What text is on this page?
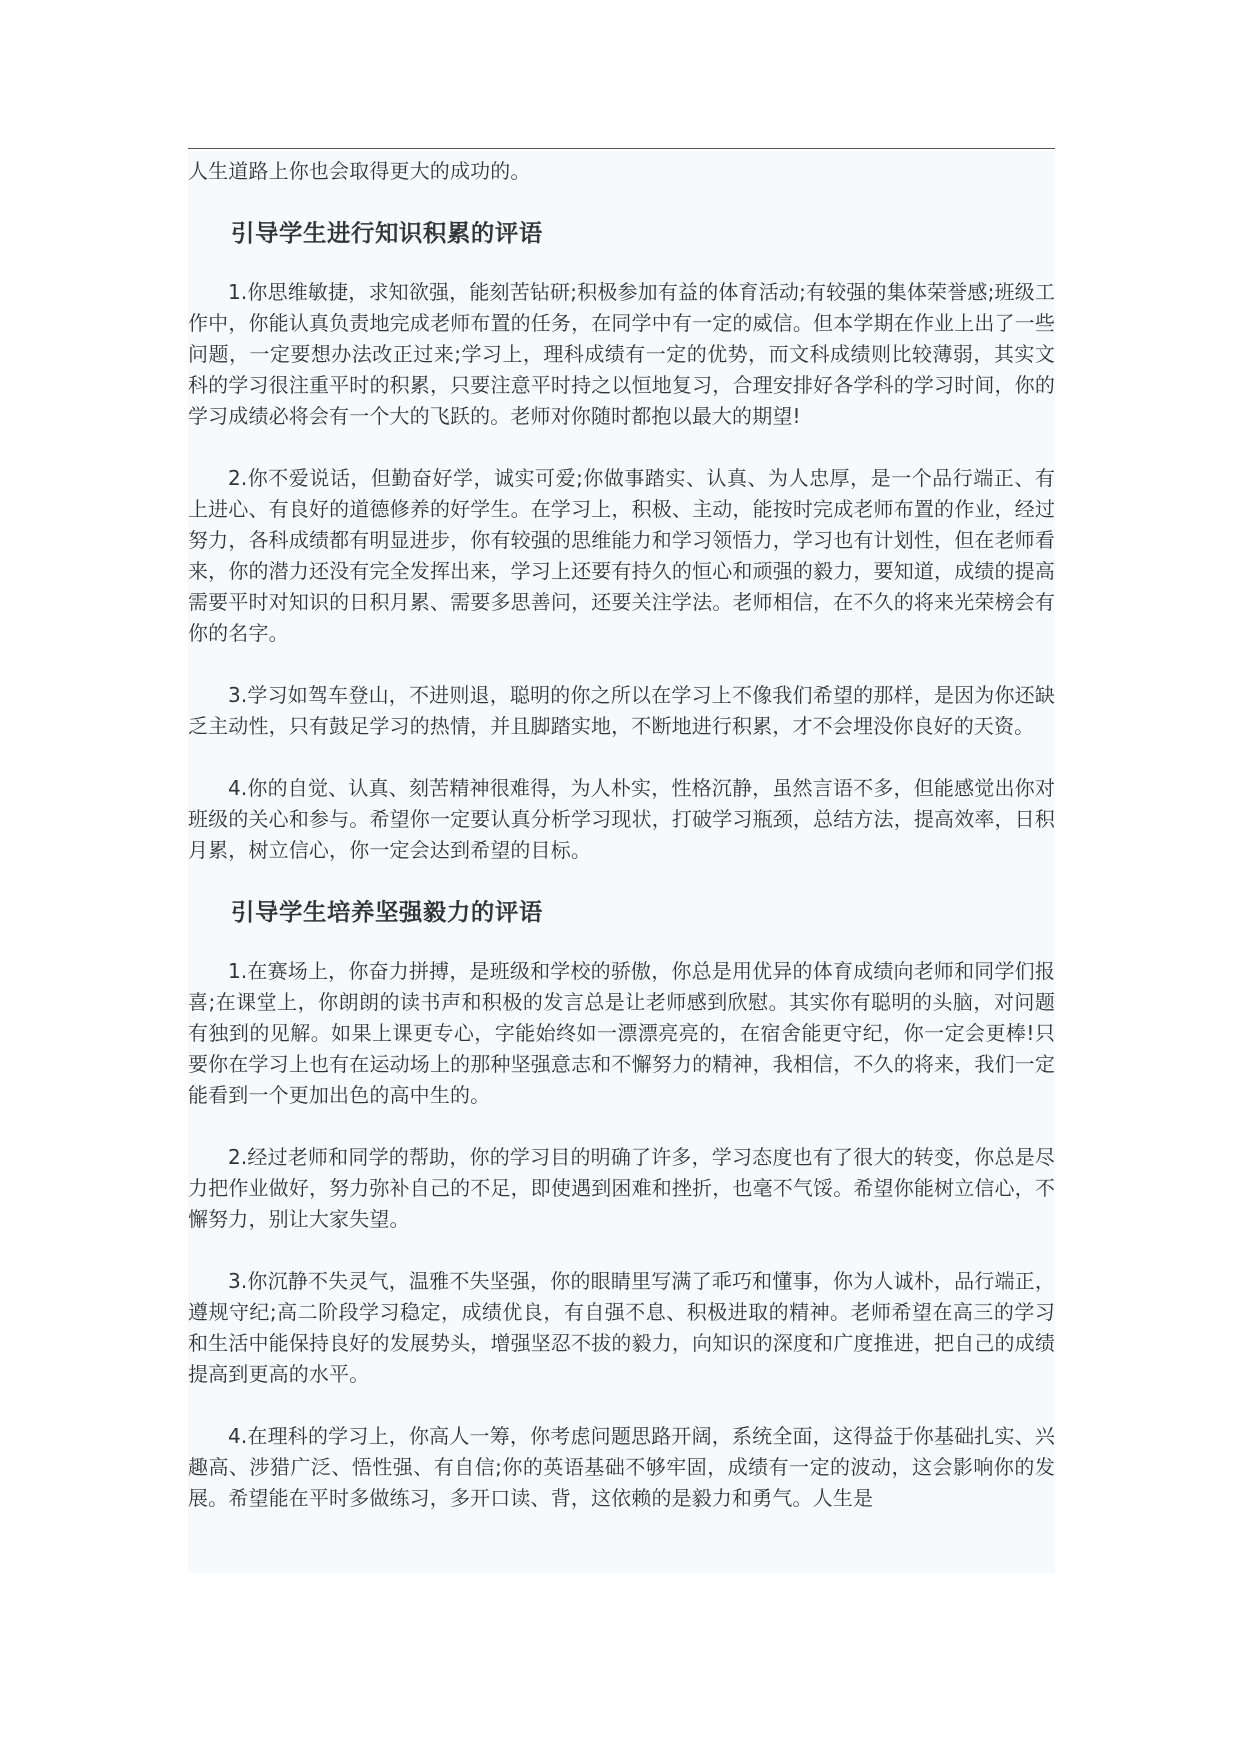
人生道路上你也会取得更大的成功的。

引导学生进行知识积累的评语

1.你思维敏捷，求知欲强，能刻苦钻研;积极参加有益的体育活动;有较强的集体荣誉感;班级工作中，你能认真负责地完成老师布置的任务，在同学中有一定的威信。但本学期在作业上出了一些问题，一定要想办法改正过来;学习上，理科成绩有一定的优势，而文科成绩则比较薄弱，其实文科的学习很注重平时的积累，只要注意平时持之以恒地复习，合理安排好各学科的学习时间，你的学习成绩必将会有一个大的飞跃的。老师对你随时都抱以最大的期望!

2.你不爱说话，但勤奋好学，诚实可爱;你做事踏实、认真、为人忠厚，是一个品行端正、有上进心、有良好的道德修养的好学生。在学习上，积极、主动，能按时完成老师布置的作业，经过努力，各科成绩都有明显进步，你有较强的思维能力和学习领悟力，学习也有计划性，但在老师看来，你的潜力还没有完全发挥出来，学习上还要有持久的恒心和顽强的毅力，要知道，成绩的提高需要平时对知识的日积月累、需要多思善问，还要关注学法。老师相信，在不久的将来光荣榜会有你的名字。

3.学习如驾车登山，不进则退，聪明的你之所以在学习上不像我们希望的那样，是因为你还缺乏主动性，只有鼓足学习的热情，并且脚踏实地，不断地进行积累，才不会埋没你良好的天资。

4.你的自觉、认真、刻苦精神很难得，为人朴实，性格沉静，虽然言语不多，但能感觉出你对班级的关心和参与。希望你一定要认真分析学习现状，打破学习瓶颈，总结方法，提高效率，日积月累，树立信心，你一定会达到希望的目标。

引导学生培养坚强毅力的评语

1.在赛场上，你奋力拼搏，是班级和学校的骄傲，你总是用优异的体育成绩向老师和同学们报喜;在课堂上，你朗朗的读书声和积极的发言总是让老师感到欣慰。其实你有聪明的头脑，对问题有独到的见解。如果上课更专心，字能始终如一漂漂亮亮的，在宿舍能更守纪，你一定会更棒!只要你在学习上也有在运动场上的那种坚强意志和不懈努力的精神，我相信，不久的将来，我们一定能看到一个更加出色的高中生的。

2.经过老师和同学的帮助，你的学习目的明确了许多，学习态度也有了很大的转变，你总是尽力把作业做好，努力弥补自己的不足，即使遇到困难和挫折，也毫不气馁。希望你能树立信心，不懈努力，别让大家失望。

3.你沉静不失灵气，温雅不失坚强，你的眼睛里写满了乖巧和懂事，你为人诚朴，品行端正，遵规守纪;高二阶段学习稳定，成绩优良，有自强不息、积极进取的精神。老师希望在高三的学习和生活中能保持良好的发展势头，增强坚忍不拔的毅力，向知识的深度和广度推进，把自己的成绩提高到更高的水平。

4.在理科的学习上，你高人一筹，你考虑问题思路开阔，系统全面，这得益于你基础扎实、兴趣高、涉猎广泛、悟性强、有自信;你的英语基础不够牢固，成绩有一定的波动，这会影响你的发展。希望能在平时多做练习，多开口读、背，这依赖的是毅力和勇气。人生是
